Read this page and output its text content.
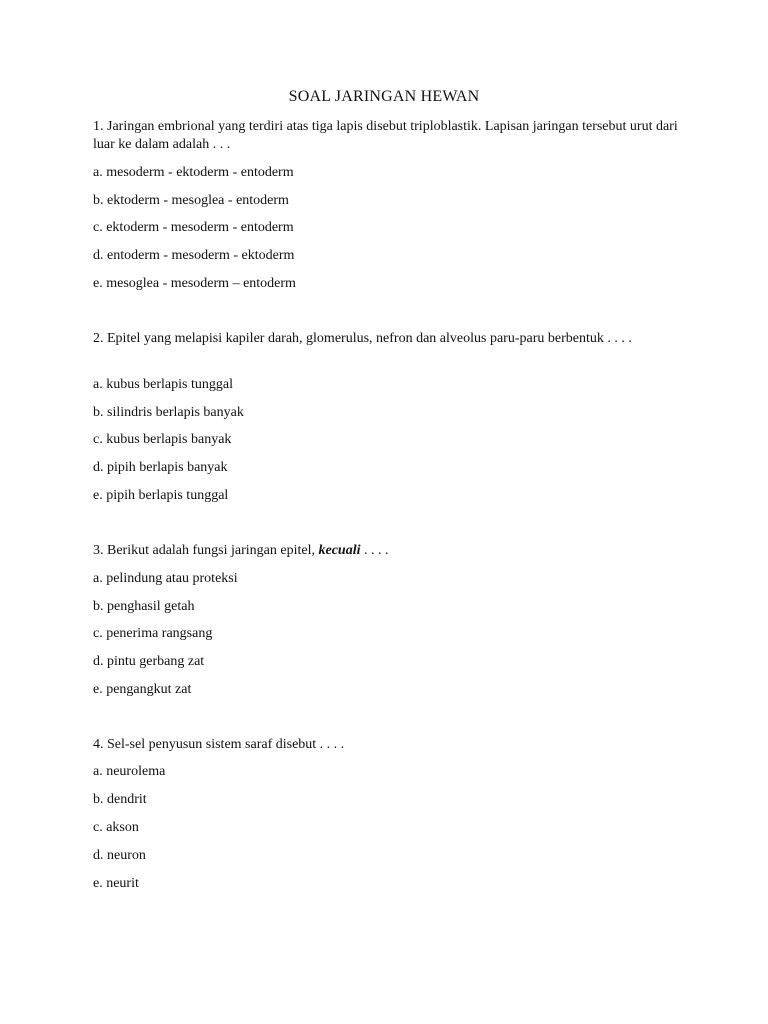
SOAL JARINGAN HEWAN
1. Jaringan embrional yang terdiri atas tiga lapis disebut triploblastik. Lapisan jaringan tersebut urut dari luar ke dalam adalah . . .
a. mesoderm - ektoderm - entoderm
b. ektoderm - mesoglea - entoderm
c. ektoderm - mesoderm - entoderm
d. entoderm - mesoderm - ektoderm
e. mesoglea - mesoderm – entoderm
2. Epitel yang melapisi kapiler darah, glomerulus, nefron dan alveolus paru-paru berbentuk . . . .
a. kubus berlapis tunggal
b. silindris berlapis banyak
c. kubus berlapis banyak
d. pipih berlapis banyak
e. pipih berlapis tunggal
3. Berikut adalah fungsi jaringan epitel, kecuali . . . .
a. pelindung atau proteksi
b. penghasil getah
c. penerima rangsang
d. pintu gerbang zat
e. pengangkut zat
4. Sel-sel penyusun sistem saraf disebut . . . .
a. neurolema
b. dendrit
c. akson
d. neuron
e. neurit
